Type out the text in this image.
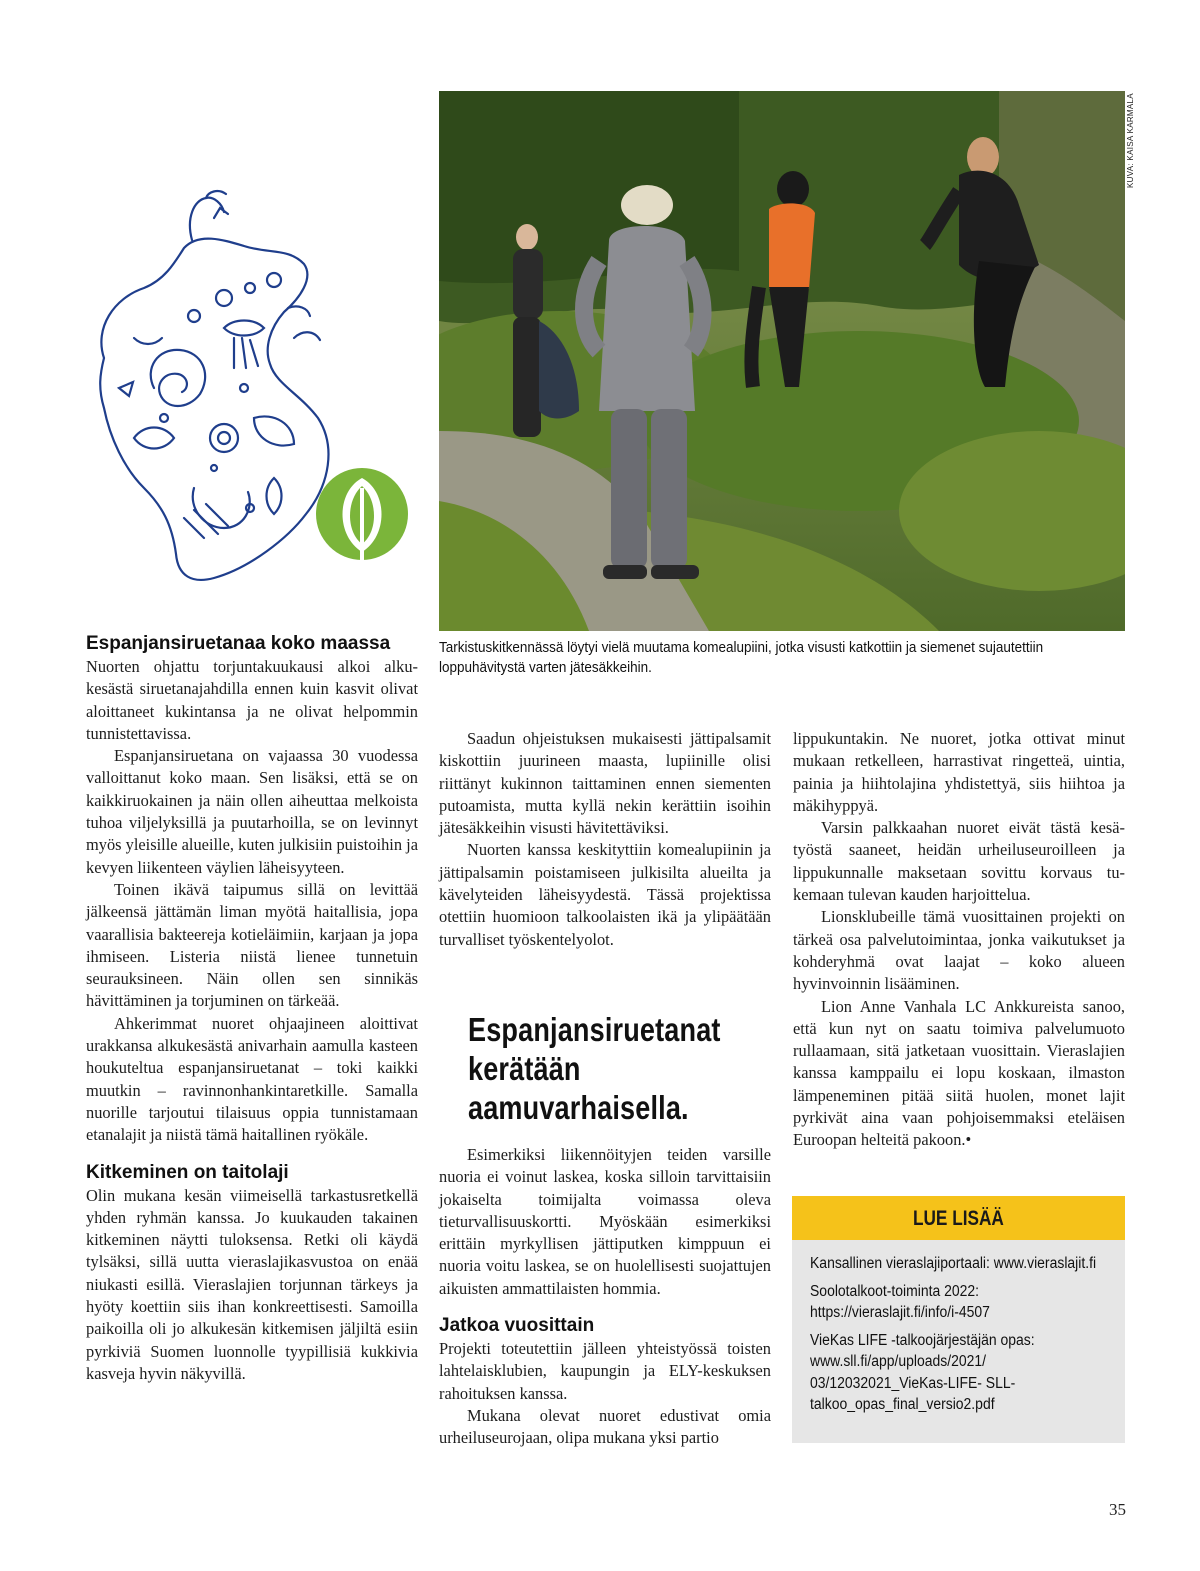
KUVA: KAISA KARMALA
Tarkistuskitkennässä löytyi vielä muutama komealupiini, jotka visusti katkottiin ja siemenet sujautettiin loppuhävitystä varten jätesäkkeihin.
Espanjansiruetanaa koko maassa

Nuorten ohjattu torjuntakuukausi alkoi alkukesästä siruetanajahdilla ennen kuin kasvit olivat aloittaneet kukintansa ja ne olivat helpommin tunnistettavissa.

Espanjansiruetana on vajaassa 30 vuodessa valloittanut koko maan. Sen lisäksi, että se on kaikkiruokainen ja näin ollen aiheuttaa melkoista tuhoa viljelyksillä ja puutarhoilla, se on levinnyt myös yleisille alueille, kuten julkisiin puistoihin ja kevyen liikenteen väylien läheisyyteen.

Toinen ikävä taipumus sillä on levittää jälkeensä jättämän liman myötä haitallisia, jopa vaarallisia bakteereja kotieläimiin, karjaan ja jopa ihmiseen. Listeria niistä lienee tunnetuin seurauksineen. Näin ollen sen sinnikäs hävittäminen ja torjuminen on tärkeää.

Ahkerimmat nuoret ohjaajineen aloittivat urakkansa alkukesästä anivarhain aamulla kasteen houkuteltua espanjansiruetanat – toki kaikki muutkin – ravinnonhankintaretkille. Samalla nuorille tarjoutui tilaisuus oppia tunnistamaan etanalajit ja niistä tämä haitallinen ryökäle.

Kitkeminen on taitolaji

Olin mukana kesän viimeisellä tarkastusretkellä yhden ryhmän kanssa. Jo kuukauden takainen kitkeminen näytti tuloksensa. Retki oli käydä tylsäksi, sillä uutta vieraslajikasvustoa on enää niukasti esillä. Vieraslajien torjunnan tärkeys ja hyöty koettiin siis ihan konkreettisesti. Samoilla paikoilla oli jo alkukesän kitkemisen jäljiltä esiin pyrkiviä Suomen luonnolle tyypillisiä kukkivia kasveja hyvin näkyvillä.

Saadun ohjeistuksen mukaisesti jättipalsamit kiskottiin juurineen maasta, lupiinille olisi riittänyt kukinnon taittaminen ennen siementen putoamista, mutta kyllä nekin kerättiin isoihin jätesäkkeihin visusti hävitettäviksi.

Nuorten kanssa keskityttiin komealupiinin ja jättipalsamin poistamiseen julkisilta alueilta ja kävelyteiden läheisyydestä. Tässä projektissa otettiin huomioon talkoolaisten ikä ja ylipäätään turvalliset työskentelyolot.

Esimerkiksi liikennöityjen teiden varsille nuoria ei voinut laskea, koska silloin tarvittaisiin jokaiselta toimijalta voimassa oleva tieturvallisuuskortti. Myöskään esimerkiksi erittäin myrkyllisen jättiputken kimppuun ei nuoria voitu laskea, se on huolellisesti suojattujen aikuisten ammattilaisten hommia.

Jatkoa vuosittain

Projekti toteutettiin jälleen yhteistyössä toisten lahtelaisklubien, kaupungin ja ELY-keskuksen rahoituksen kanssa.

Mukana olevat nuoret edustivat omia urheiluseurojaan, olipa mukana yksi partio

Espanjansiruetanat kerätään aamuvarhaisella.

lippukuntakin. Ne nuoret, jotka ottivat minut mukaan retkelleen, harrastivat ringetteä, uintia, painia ja hiihtolajina yhdistettyä, siis hiihtoa ja mäkihyppyä.

Varsin palkkaahan nuoret eivät tästä kesätyöstä saaneet, heidän urheiluseuroilleen ja lippukunnalle maksetaan sovittu korvaus tukemaan tulevan kauden harjoittelua.

Lionsklubeille tämä vuosittainen projekti on tärkeä osa palvelutoimintaa, jonka vaikutukset ja kohderyhmä ovat laajat – koko alueen hyvinvoinnin lisääminen.

Lion Anne Vanhala LC Ankkureista sanoo, että kun nyt on saatu toimiva palvelumuoto rullaamaan, sitä jatketaan vuosittain. Vieraslajien kanssa kamppailu ei lopu koskaan, ilmaston lämpeneminen pitää siitä huolen, monet lajit pyrkivät aina vaan pohjoisemmaksi eteläisen Euroopan helteitä pakoon.•

LUE LISÄÄ
Kansallinen vieraslajiportaali: www.vieraslajit.fi
Soolotalkoot-toiminta 2022: https://vieraslajit.fi/info/i-4507
VieKas LIFE -talkoojärjestäjän opas: www.sll.fi/app/uploads/2021/ 03/12032021_VieKas-LIFE- SLL-talkoo_opas_final_versio2.pdf
35
